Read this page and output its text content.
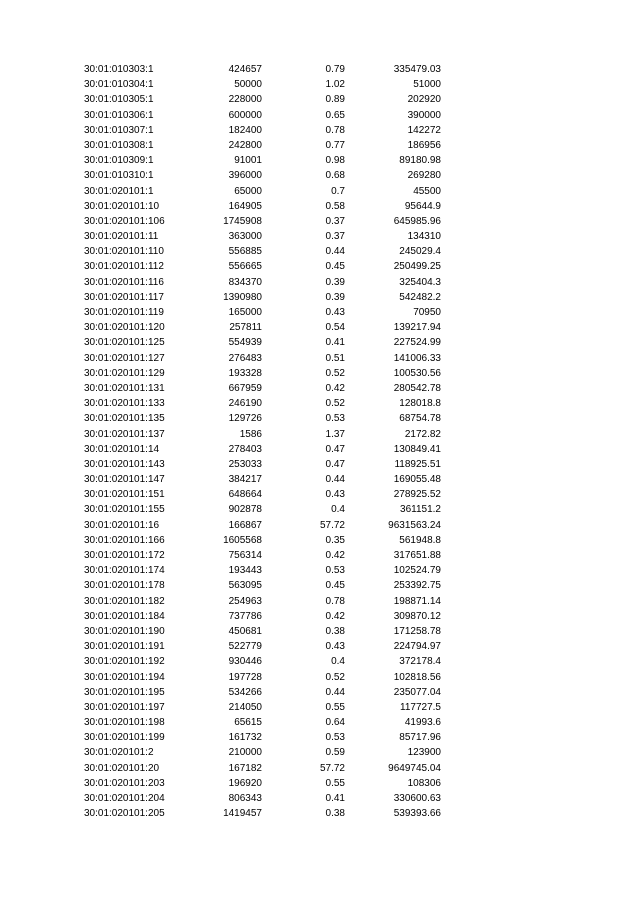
30:01:010303:1	424657	0.79	335479.03
30:01:010304:1	50000	1.02	51000
30:01:010305:1	228000	0.89	202920
30:01:010306:1	600000	0.65	390000
30:01:010307:1	182400	0.78	142272
30:01:010308:1	242800	0.77	186956
30:01:010309:1	91001	0.98	89180.98
30:01:010310:1	396000	0.68	269280
30:01:020101:1	65000	0.7	45500
30:01:020101:10	164905	0.58	95644.9
30:01:020101:106	1745908	0.37	645985.96
30:01:020101:11	363000	0.37	134310
30:01:020101:110	556885	0.44	245029.4
30:01:020101:112	556665	0.45	250499.25
30:01:020101:116	834370	0.39	325404.3
30:01:020101:117	1390980	0.39	542482.2
30:01:020101:119	165000	0.43	70950
30:01:020101:120	257811	0.54	139217.94
30:01:020101:125	554939	0.41	227524.99
30:01:020101:127	276483	0.51	141006.33
30:01:020101:129	193328	0.52	100530.56
30:01:020101:131	667959	0.42	280542.78
30:01:020101:133	246190	0.52	128018.8
30:01:020101:135	129726	0.53	68754.78
30:01:020101:137	1586	1.37	2172.82
30:01:020101:14	278403	0.47	130849.41
30:01:020101:143	253033	0.47	118925.51
30:01:020101:147	384217	0.44	169055.48
30:01:020101:151	648664	0.43	278925.52
30:01:020101:155	902878	0.4	361151.2
30:01:020101:16	166867	57.72	9631563.24
30:01:020101:166	1605568	0.35	561948.8
30:01:020101:172	756314	0.42	317651.88
30:01:020101:174	193443	0.53	102524.79
30:01:020101:178	563095	0.45	253392.75
30:01:020101:182	254963	0.78	198871.14
30:01:020101:184	737786	0.42	309870.12
30:01:020101:190	450681	0.38	171258.78
30:01:020101:191	522779	0.43	224794.97
30:01:020101:192	930446	0.4	372178.4
30:01:020101:194	197728	0.52	102818.56
30:01:020101:195	534266	0.44	235077.04
30:01:020101:197	214050	0.55	117727.5
30:01:020101:198	65615	0.64	41993.6
30:01:020101:199	161732	0.53	85717.96
30:01:020101:2	210000	0.59	123900
30:01:020101:20	167182	57.72	9649745.04
30:01:020101:203	196920	0.55	108306
30:01:020101:204	806343	0.41	330600.63
30:01:020101:205	1419457	0.38	539393.66
